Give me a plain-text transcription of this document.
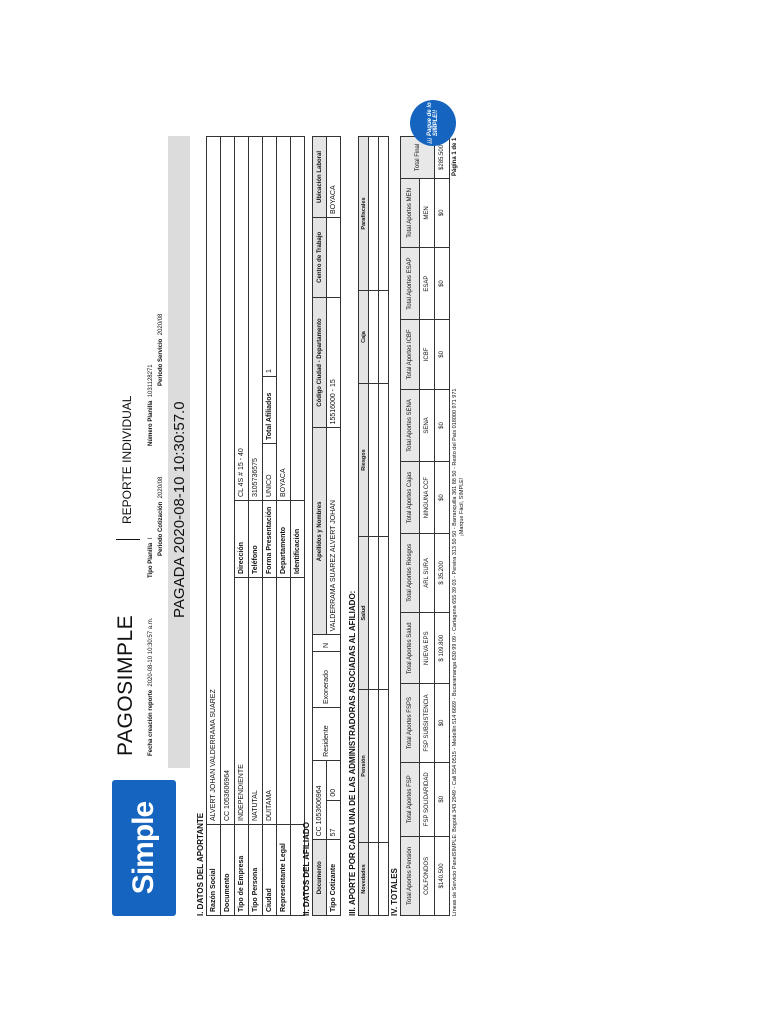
Simple
PAGOSIMPLE
REPORTE INDIVIDUAL
Fecha creación reporte  2020-08-10 10:30:57 a.m.
Tipo Planilla  I
Número Planilla  1031128271
Periodo Cotización  2020/08
Periodo Servicio  2020/08
PAGADA 2020-08-10 10:30:57.0
I. DATOS DEL APORTANTE Razón Social	ALVERT JOHAN VALDERRAMA SUAREZ				
Documento	CC 1053606964				
Tipo de Empresa	INDEPENDIENTE	Dirección	CL 4S # 15 - 40		
Tipo Persona	NATUTAL	Teléfono	3105736575		
Ciudad	DUITAMA	Forma Presentación	UNICO	Total Afiliados	1
Representante Legal		Departamento	BOYACA		
		Identificación			
II. DATOS DEL AFILIADO Documento	CC 1053606964		Residente	Exonerado	N	Apellidos y Nombres	Código Ciudad - Departamento	Centro de Trabajo	Ubicación Laboral
Tipo Cotizante	57	00				VALDERRAMA SUAREZ ALVERT JOHAN	15516000 - 15		BOYACA
III. APORTE POR CADA UNA DE LAS ADMINISTRADORAS ASOCIADAS AL AFILIADO: Novedades	Pensión	Salud	Riesgos	Caja	Parafiscales

IV. TOTALES Total Aportes Pensión	Total Aportes FSP	Total Aportes FSPS	Total Aportes Salud	Total Aportes Riesgos	Total Aportes Cajas	Total Aportes SENA	Total Aportes ICBF	Total Aportes ESAP	Total Aportes MEN	Total Final
COLFONDOS	FSP SOLIDARIDAD	FSP SUBSISTENCIA	NUEVA EPS	ARL SURA	NINGUNA CCF	SENA	ICBF	ESAP	MEN	
$140.500	$0	$0	$ 109.800	$ 35.200	$0	$0	$0	$0	$0	$285.500
Líneas de Servicio PanelSIMPLE: Bogotá 343 2949 - Cali 554 0515 - Medellín 514 6669 - Bucaramanga 630 99 09 - Cartagena 655 39 03 - Pereira 313 50 50 - Barranquilla 361 88 50 - Resto del País 018000 971 971 ¡Marque Fácil, SIMPLE!
Página 1 de 1
¡¡¡ Pague de lo SIMPLE!!
